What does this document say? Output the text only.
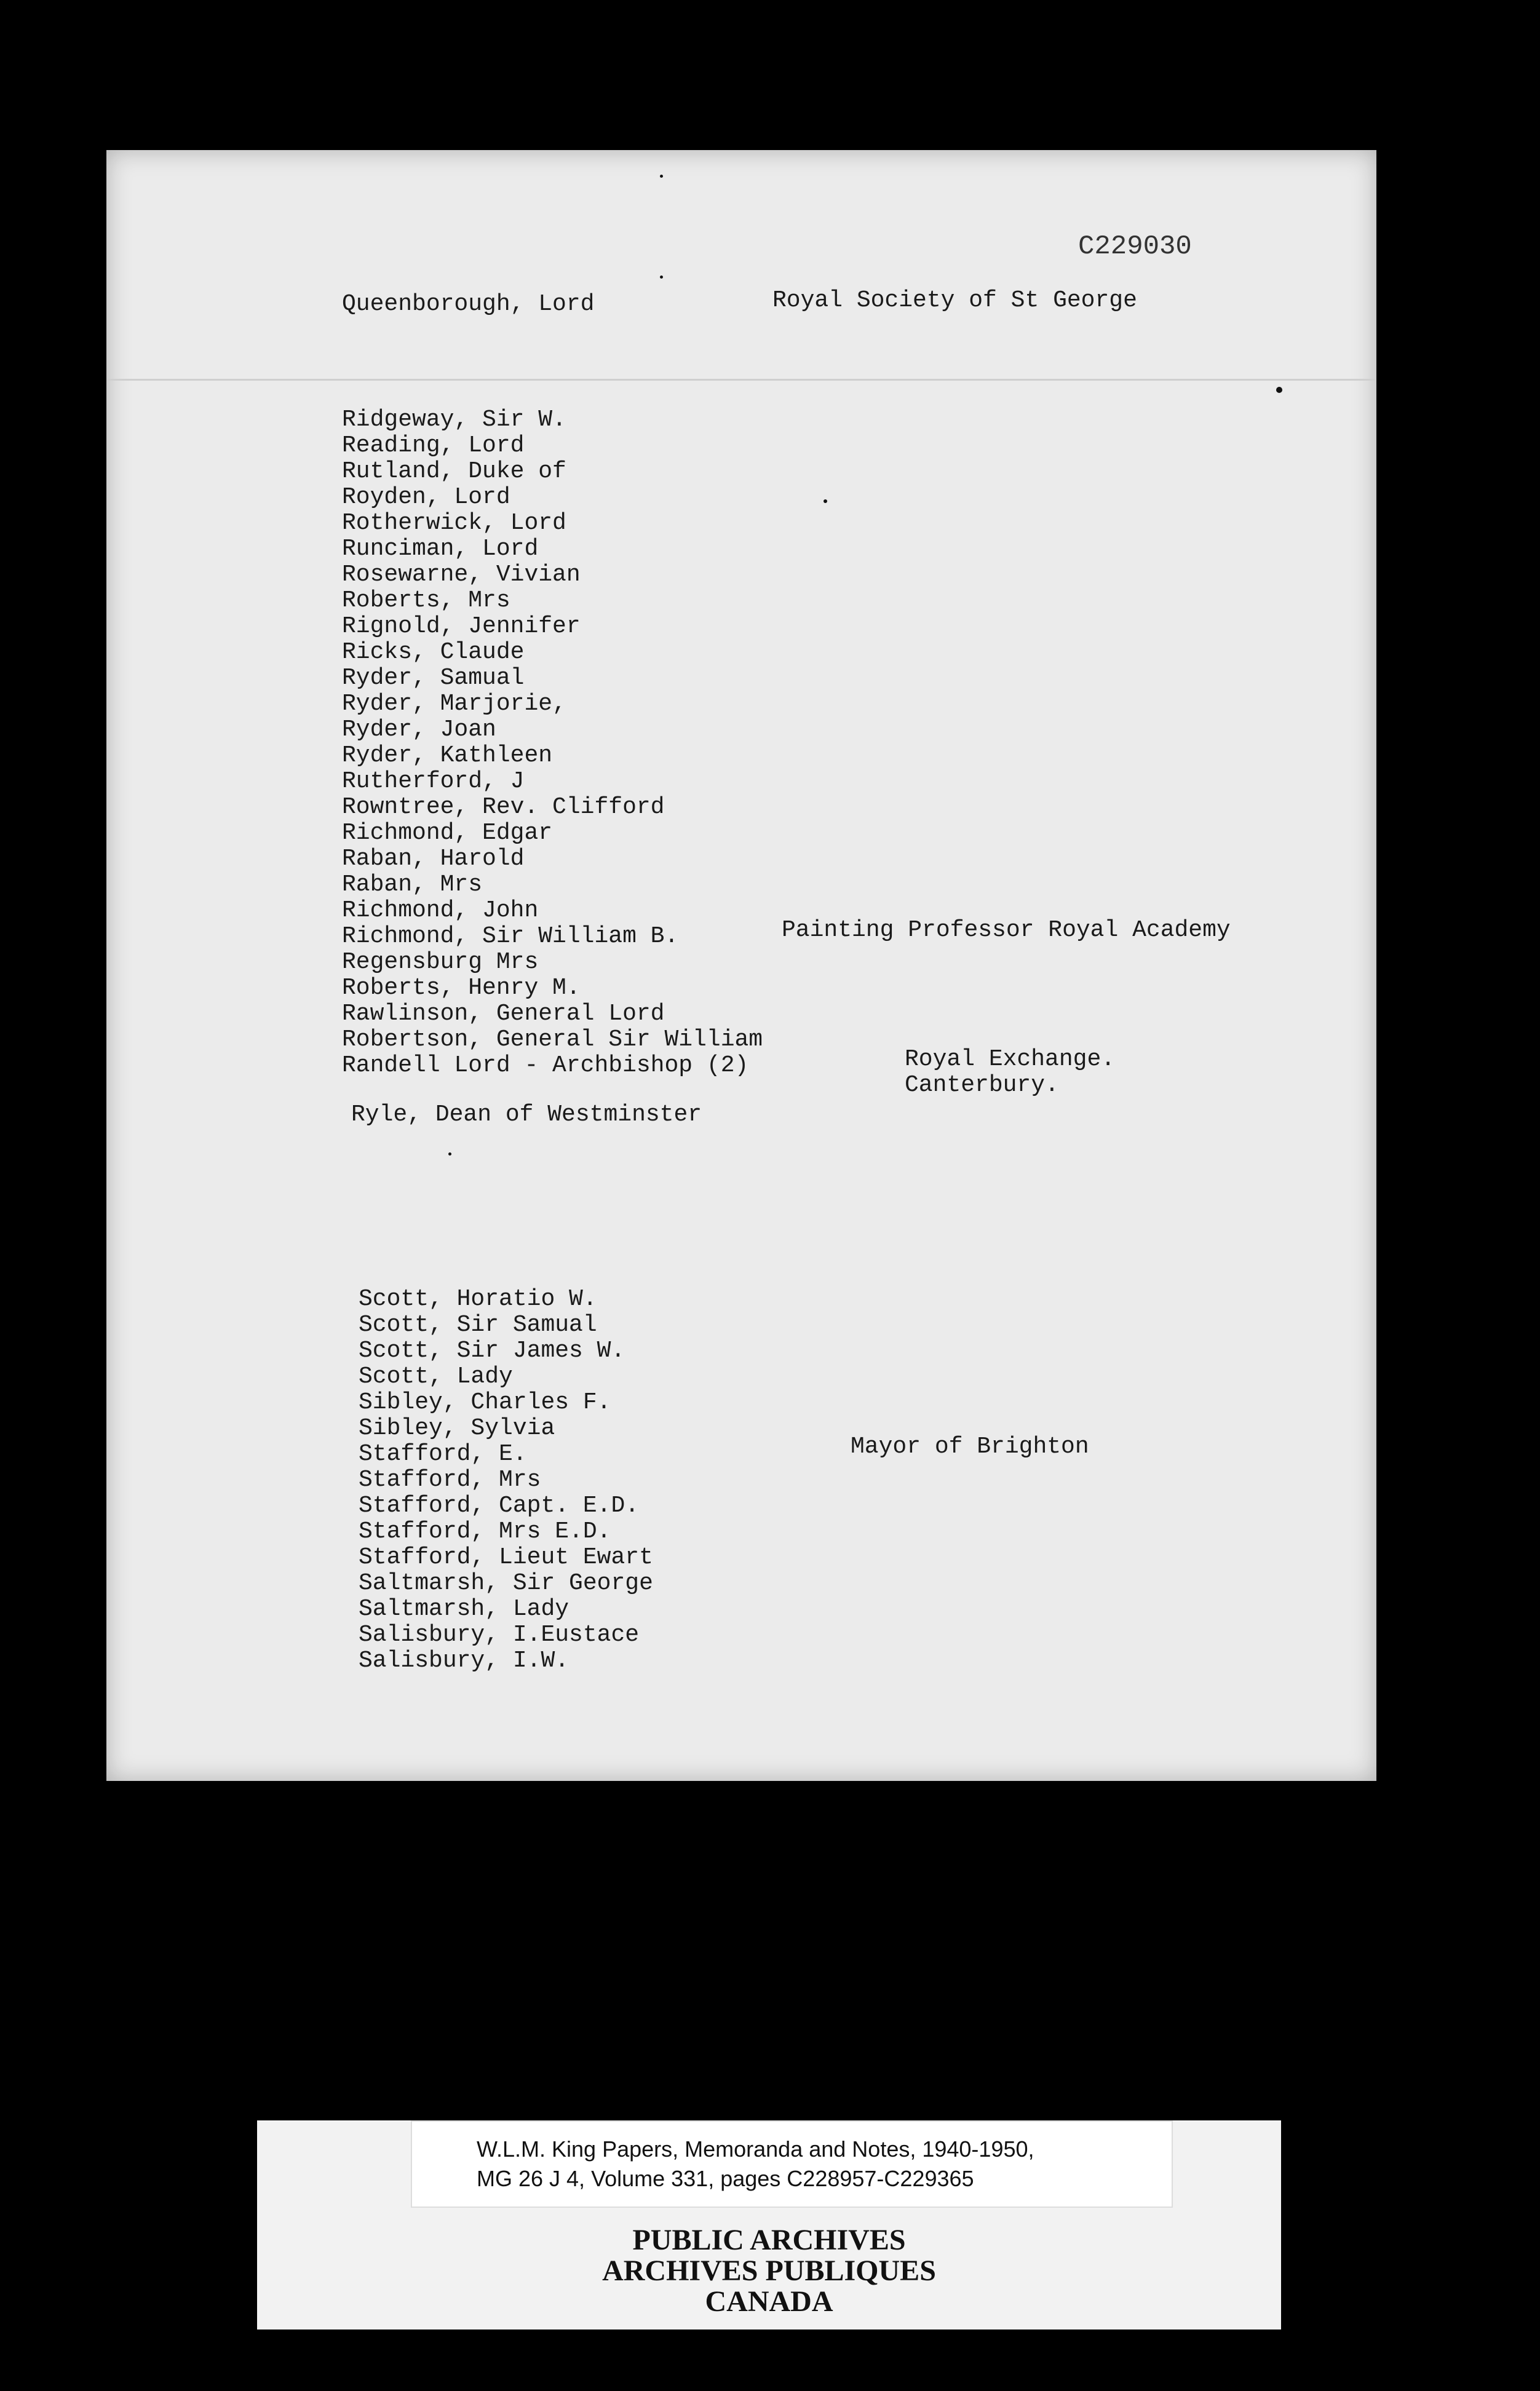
C229030
Queenborough, Lord	Royal Society of St George
Ridgeway, Sir W.
Reading, Lord
Rutland, Duke of
Royden, Lord
Rotherwick, Lord
Runciman, Lord
Rosewarne, Vivian
Roberts, Mrs
Rignold, Jennifer
Ricks, Claude
Ryder, Samual
Ryder, Marjorie,
Ryder, Joan
Ryder, Kathleen
Rutherford, J
Rowntree, Rev. Clifford
Richmond, Edgar
Raban, Harold
Raban, Mrs
Richmond, John
Richmond, Sir William B.
Regensburg Mrs
Roberts, Henry M.
Rawlinson, General Lord
Robertson, General Sir William
Randell Lord - Archbishop (2)
Painting Professor Royal Academy
Royal Exchange.
Canterbury.
Ryle, Dean of Westminster
Scott, Horatio W.
Scott, Sir Samual
Scott, Sir James W.
Scott, Lady
Sibley, Charles F.
Sibley, Sylvia
Stafford, E.
Stafford, Mrs
Stafford, Capt. E.D.
Stafford, Mrs E.D.
Stafford, Lieut Ewart
Saltmarsh, Sir George
Saltmarsh, Lady
Salisbury, I.Eustace
Salisbury, I.W.
Mayor of Brighton
W.L.M. King Papers, Memoranda and Notes, 1940-1950,
MG 26 J 4, Volume 331, pages C228957-C229365
PUBLIC ARCHIVES
ARCHIVES PUBLIQUES
CANADA
